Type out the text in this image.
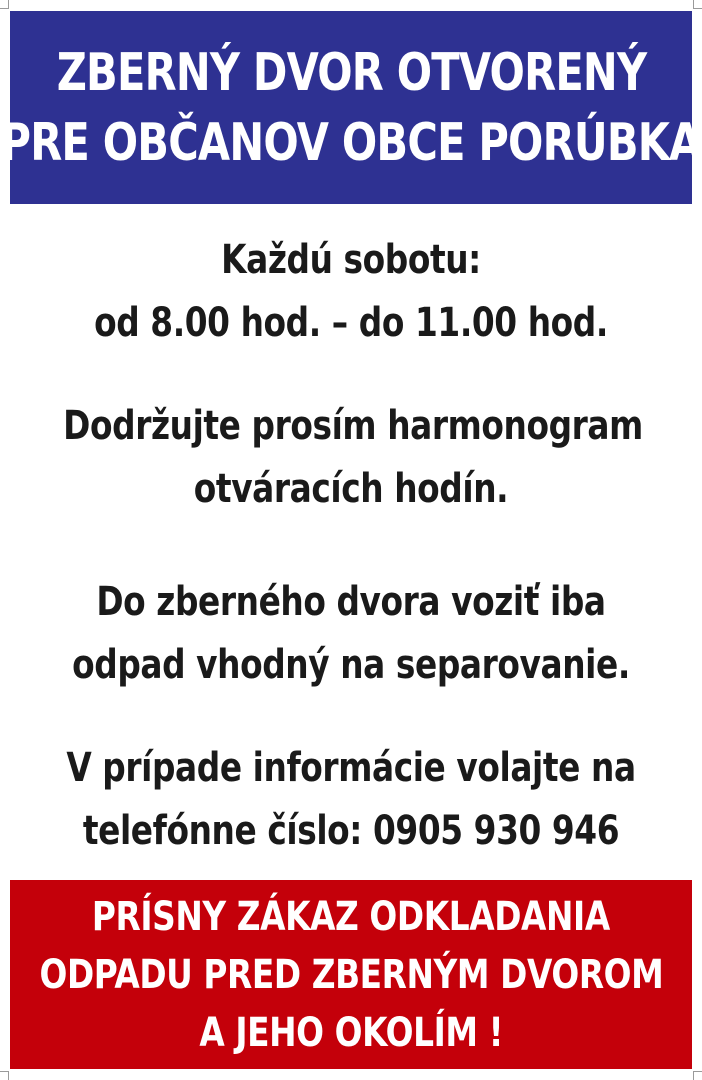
ZBERNÝ DVOR OTVORENÝ
PRE OBČANOV OBCE PORÚBKA
Každú sobotu:
od 8.00 hod. – do 11.00 hod.
Dodržujte prosím harmonogram
otváracích hodín.
Do zberného dvora voziť iba
odpad vhodný na separovanie.
V prípade informácie volajte na
telefónne číslo: 0905 930 946
PRÍSNY ZÁKAZ ODKLADANIA
ODPADU PRED ZBERNÝM DVOROM
A JEHO OKOLÍM !
